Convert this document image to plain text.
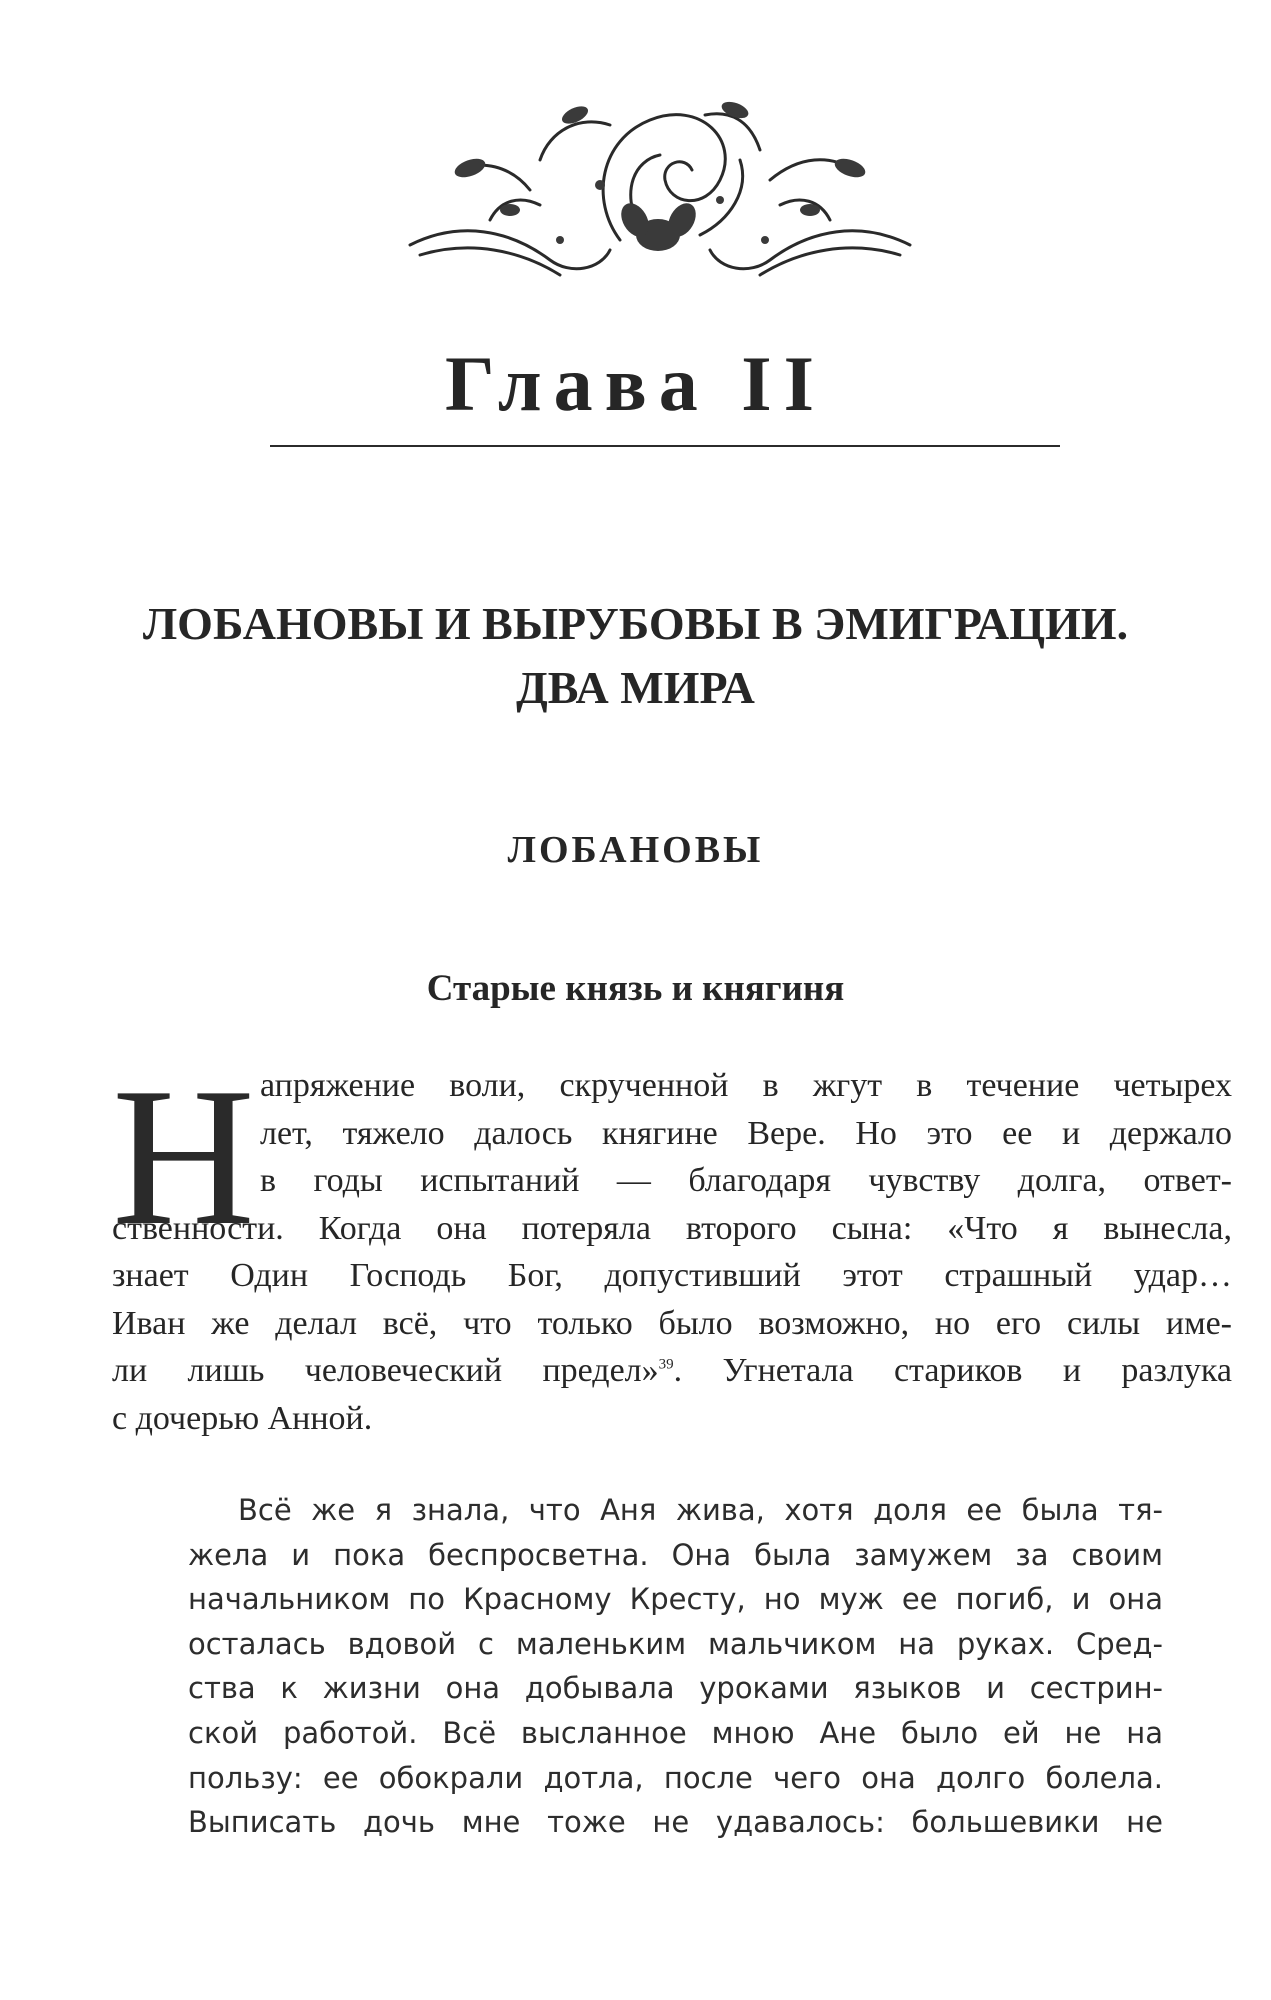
Глава II
ЛОБАНОВЫ И ВЫРУБОВЫ В ЭМИГРАЦИИ.
ДВА МИРА
ЛОБАНОВЫ
Старые князь и княгиня
Н апряжение воли, скрученной в жгут в течение четырех
лет, тяжело далось княгине Вере. Но это ее и держало
в годы испытаний — благодаря чувству долга, ответ-
ственности. Когда она потеряла второго сына: «Что я вынесла,
знает Один Господь Бог, допустивший этот страшный удар…
Иван же делал всё, что только было возможно, но его силы име-
ли лишь человеческий предел»$^{39}$. Угнетала стариков и разлука
с дочерью Анной.

Всё же я знала, что Аня жива, хотя доля ее была тя-
жела и пока беспросветна. Она была замужем за своим
начальником по Красному Кресту, но муж ее погиб, и она
осталась вдовой с маленьким мальчиком на руках. Сред-
ства к жизни она добывала уроками языков и сестрин-
ской работой. Всё высланное мною Ане было ей не на
пользу: ее обокрали дотла, после чего она долго болела.
Выписать дочь мне тоже не удавалось: большевики не
